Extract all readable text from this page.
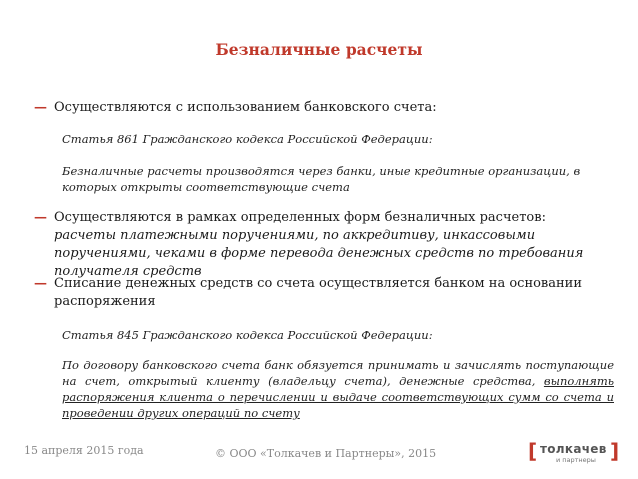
Безналичные расчеты
— Осуществляются с использованием банковского счета:
Статья 861 Гражданского кодекса Российской Федерации:
Безналичные расчеты производятся через банки, иные кредитные организации, в которых открыты соответствующие счета
— Осуществляются в рамках определенных форм безналичных расчетов: расчеты платежными поручениями, по аккредитиву, инкассовыми поручениями, чеками в форме перевода денежных средств по требования получателя средств
— Списание денежных средств со счета осуществляется банком на основании распоряжения
Статья 845 Гражданского кодекса Российской Федерации:
По договору банковского счета банк обязуется принимать и зачислять поступающие на счет, открытый клиенту (владельцу счета), денежные средства, выполнять распоряжения клиента о перечислении и выдаче соответствующих сумм со счета и проведении других операций по счету
15 апреля 2015 года	© ООО «Толкачев и Партнеры», 2015	[ толкачев
и партнеры ]
